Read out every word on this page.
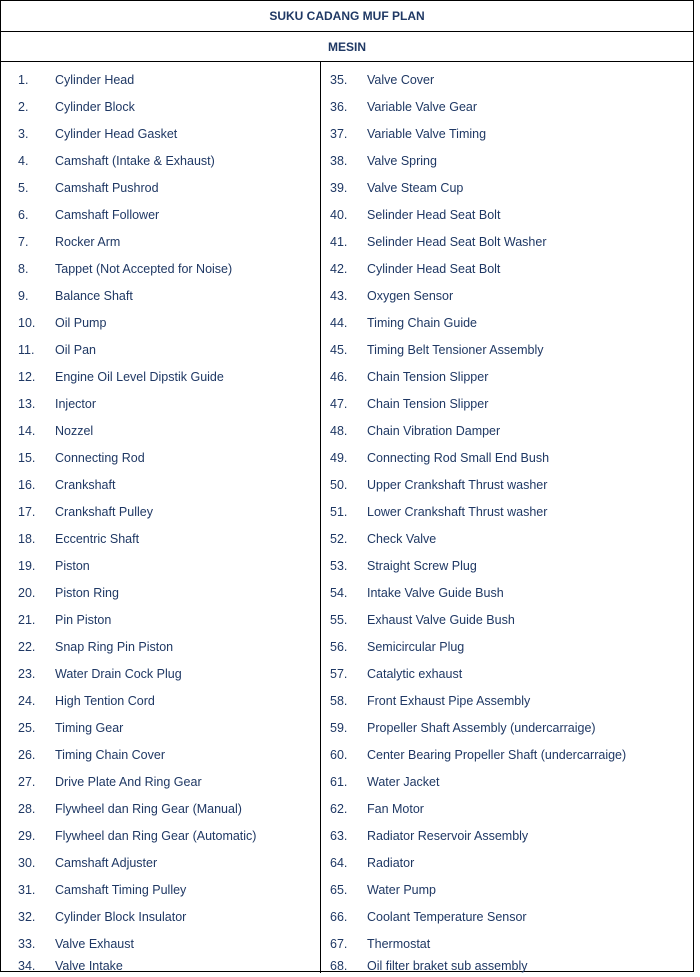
SUKU CADANG MUF PLAN
MESIN
1.	Cylinder Head
2.	Cylinder Block
3.	Cylinder Head Gasket
4.	Camshaft (Intake & Exhaust)
5.	Camshaft Pushrod
6.	Camshaft Follower
7.	Rocker Arm
8.	Tappet (Not Accepted for Noise)
9.	Balance Shaft
10.	Oil Pump
11.	Oil Pan
12.	Engine Oil Level Dipstik Guide
13.	Injector
14.	Nozzel
15.	Connecting Rod
16.	Crankshaft
17.	Crankshaft Pulley
18.	Eccentric Shaft
19.	Piston
20.	Piston Ring
21.	Pin Piston
22.	Snap Ring Pin Piston
23.	Water Drain Cock Plug
24.	High Tention Cord
25.	Timing Gear
26.	Timing Chain Cover
27.	Drive Plate And Ring Gear
28.	Flywheel dan Ring Gear (Manual)
29.	Flywheel dan Ring Gear (Automatic)
30.	Camshaft Adjuster
31.	Camshaft Timing Pulley
32.	Cylinder Block Insulator
33.	Valve Exhaust
34.	Valve Intake
35.	Valve Cover
36.	Variable Valve Gear
37.	Variable Valve Timing
38.	Valve Spring
39.	Valve Steam Cup
40.	Selinder Head Seat Bolt
41.	Selinder Head Seat Bolt Washer
42.	Cylinder Head Seat Bolt
43.	Oxygen Sensor
44.	Timing Chain Guide
45.	Timing Belt Tensioner Assembly
46.	Chain Tension Slipper
47.	Chain Tension Slipper
48.	Chain Vibration Damper
49.	Connecting Rod Small End Bush
50.	Upper Crankshaft Thrust washer
51.	Lower Crankshaft Thrust washer
52.	Check Valve
53.	Straight Screw Plug
54.	Intake Valve Guide Bush
55.	Exhaust Valve Guide Bush
56.	Semicircular Plug
57.	Catalytic exhaust
58.	Front Exhaust Pipe Assembly
59.	Propeller Shaft Assembly (undercarraige)
60.	Center Bearing Propeller Shaft (undercarraige)
61.	Water Jacket
62.	Fan Motor
63.	Radiator Reservoir Assembly
64.	Radiator
65.	Water Pump
66.	Coolant Temperature Sensor
67.	Thermostat
68.	Oil filter braket sub assembly
